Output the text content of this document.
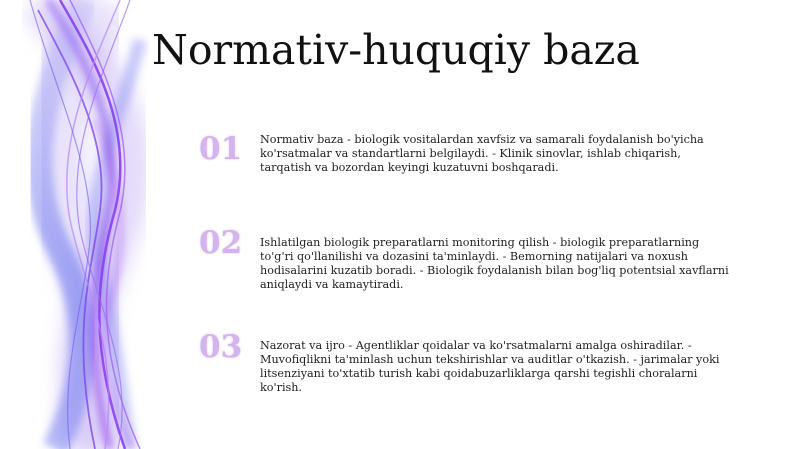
Normativ-huquqiy baza
01	Normativ baza - biologik vositalardan xavfsiz va samarali foydalanish bo'yicha ko'rsatmalar va standartlarni belgilaydi. - Klinik sinovlar, ishlab chiqarish, tarqatish va bozordan keyingi kuzatuvni boshqaradi.

02	Ishlatilgan biologik preparatlarni monitoring qilish - biologik preparatlarning to'g'ri qo'llanilishi va dozasini ta'minlaydi. - Bemorning natijalari va noxush hodisalarini kuzatib boradi. - Biologik foydalanish bilan bog'liq potentsial xavflarni aniqlaydi va kamaytiradi.

03	Nazorat va ijro - Agentliklar qoidalar va ko'rsatmalarni amalga oshiradilar. - Muvofiqlikni ta'minlash uchun tekshirishlar va auditlar o'tkazish. - jarimalar yoki litsenziyani to'xtatib turish kabi qoidabuzarliklarga qarshi tegishli choralarni ko'rish.
